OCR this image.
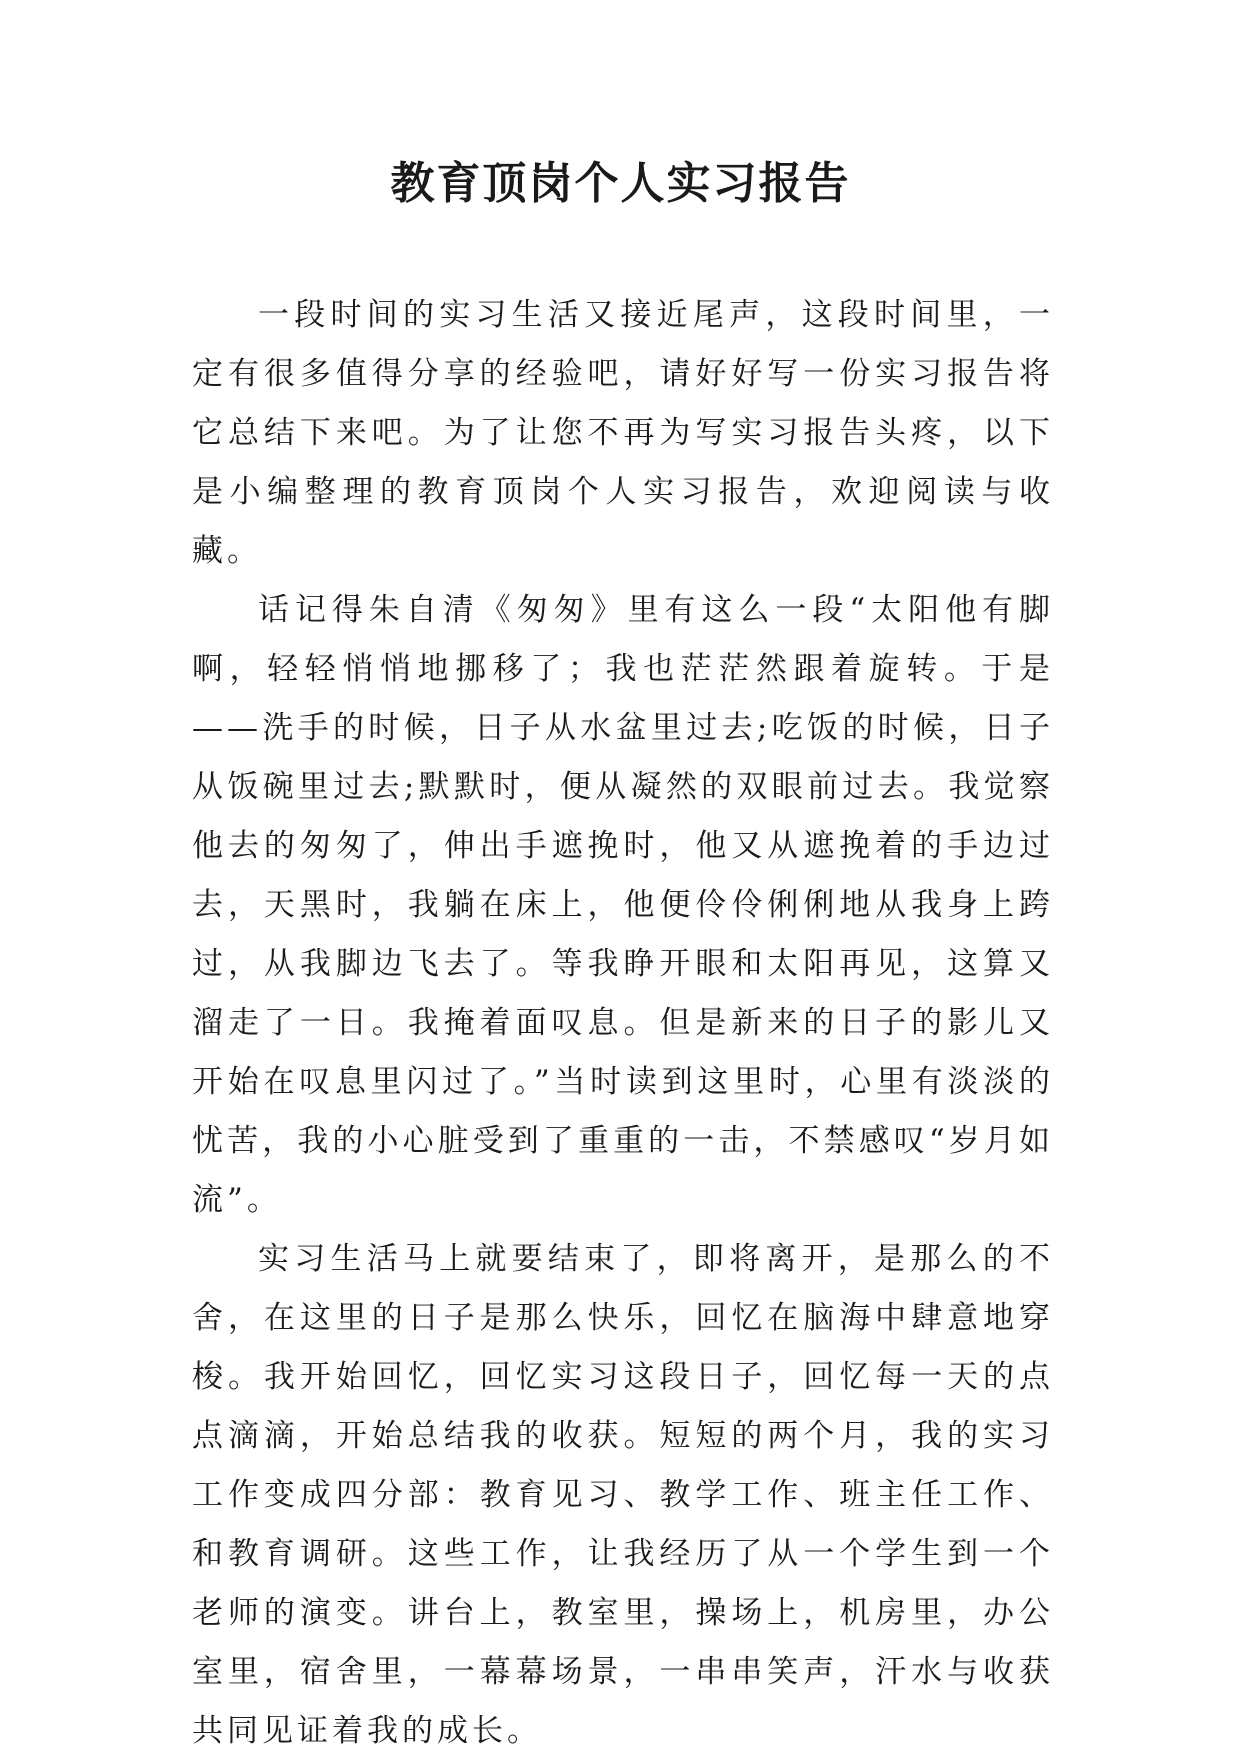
教育顶岗个人实习报告

一段时间的实习生活又接近尾声，这段时间里，一定有很多值得分享的经验吧，请好好写一份实习报告将它总结下来吧。为了让您不再为写实习报告头疼，以下是小编整理的教育顶岗个人实习报告，欢迎阅读与收藏。

话记得朱自清《匆匆》里有这么一段“太阳他有脚啊，轻轻悄悄地挪移了；我也茫茫然跟着旋转。于是——洗手的时候，日子从水盆里过去;吃饭的时候，日子从饭碗里过去;默默时，便从凝然的双眼前过去。我觉察他去的匆匆了，伸出手遮挽时，他又从遮挽着的手边过去，天黑时，我躺在床上，他便伶伶俐俐地从我身上跨过，从我脚边飞去了。等我睁开眼和太阳再见，这算又溜走了一日。我掩着面叹息。但是新来的日子的影儿又开始在叹息里闪过了。”当时读到这里时，心里有淡淡的忧苦，我的小心脏受到了重重的一击，不禁感叹“岁月如流”。

实习生活马上就要结束了，即将离开，是那么的不舍，在这里的日子是那么快乐，回忆在脑海中肆意地穿梭。我开始回忆，回忆实习这段日子，回忆每一天的点点滴滴，开始总结我的收获。短短的两个月，我的实习工作变成四分部：教育见习、教学工作、班主任工作、和教育调研。这些工作，让我经历了从一个学生到一个老师的演变。讲台上，教室里，操场上，机房里，办公室里，宿舍里，一幕幕场景，一串串笑声，汗水与收获共同见证着我的成长。
